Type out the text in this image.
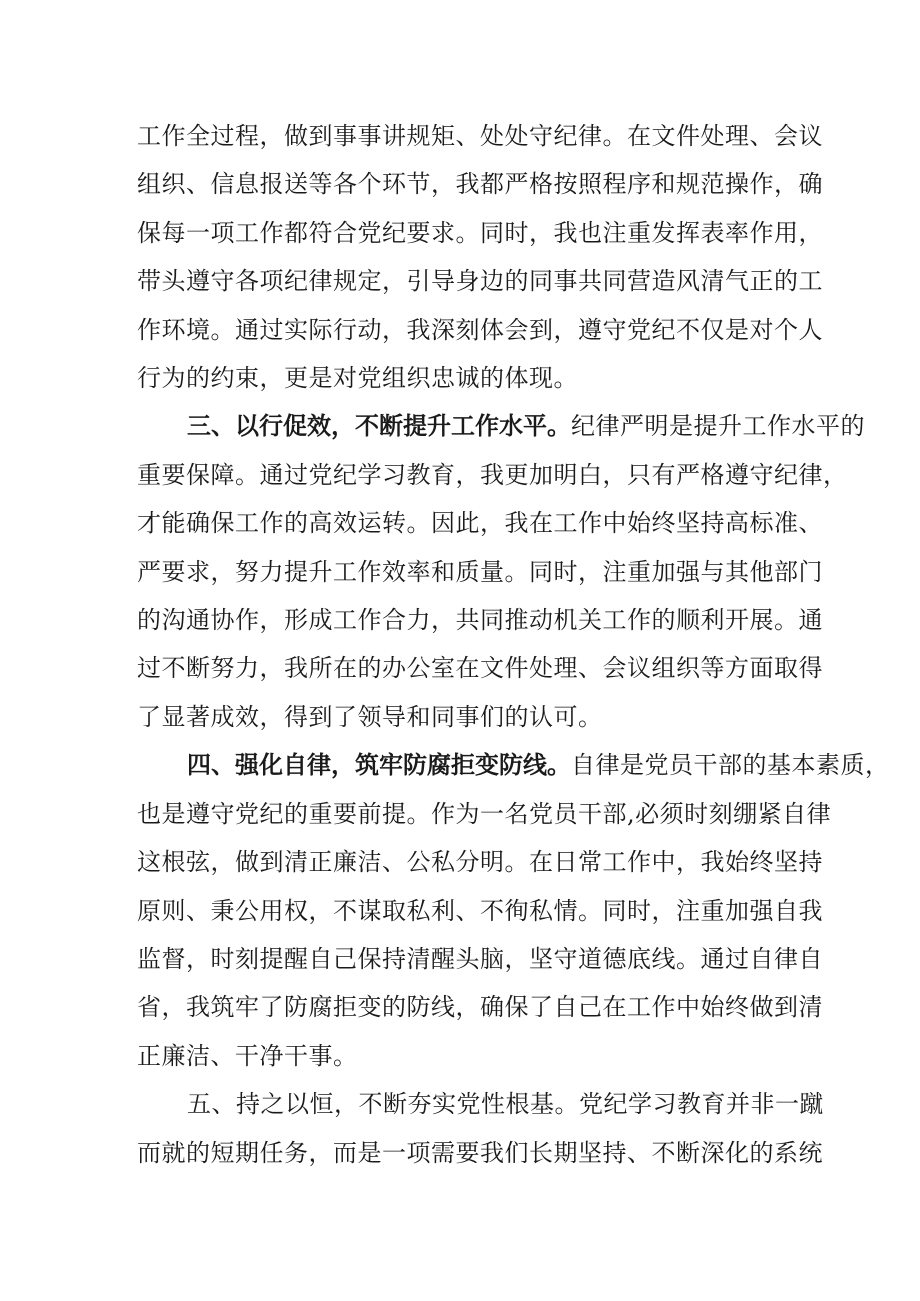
工作全过程，做到事事讲规矩、处处守纪律。在文件处理、会议
组织、信息报送等各个环节，我都严格按照程序和规范操作，确
保每一项工作都符合党纪要求。同时，我也注重发挥表率作用，
带头遵守各项纪律规定，引导身边的同事共同营造风清气正的工
作环境。通过实际行动，我深刻体会到，遵守党纪不仅是对个人
行为的约束，更是对党组织忠诚的体现。
三、以行促效，不断提升工作水平。纪律严明是提升工作水平的
重要保障。通过党纪学习教育，我更加明白，只有严格遵守纪律，
才能确保工作的高效运转。因此，我在工作中始终坚持高标准、
严要求，努力提升工作效率和质量。同时，注重加强与其他部门
的沟通协作，形成工作合力，共同推动机关工作的顺利开展。通
过不断努力，我所在的办公室在文件处理、会议组织等方面取得
了显著成效，得到了领导和同事们的认可。
四、强化自律，筑牢防腐拒变防线。自律是党员干部的基本素质，
也是遵守党纪的重要前提。作为一名党员干部,必须时刻绷紧自律
这根弦，做到清正廉洁、公私分明。在日常工作中，我始终坚持
原则、秉公用权，不谋取私利、不徇私情。同时，注重加强自我
监督，时刻提醒自己保持清醒头脑，坚守道德底线。通过自律自
省，我筑牢了防腐拒变的防线，确保了自己在工作中始终做到清
正廉洁、干净干事。
五、持之以恒，不断夯实党性根基。党纪学习教育并非一蹴
而就的短期任务，而是一项需要我们长期坚持、不断深化的系统
